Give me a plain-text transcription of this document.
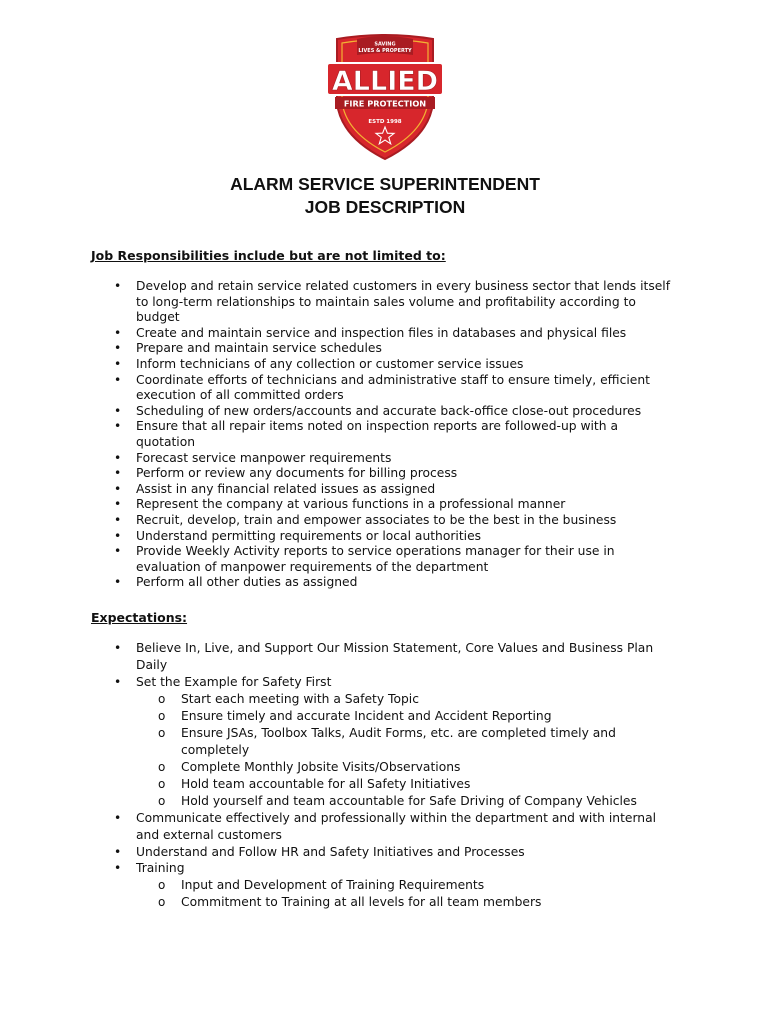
SAVING
LIVES & PROPERTY
ALLIED
FIRE PROTECTION
ESTD 1998
ALARM SERVICE SUPERINTENDENT
JOB DESCRIPTION
Job Responsibilities include but are not limited to:
• Develop and retain service related customers in every business sector that lends itself to long-term relationships to maintain sales volume and profitability according to budget
• Create and maintain service and inspection files in databases and physical files
• Prepare and maintain service schedules
• Inform technicians of any collection or customer service issues
• Coordinate efforts of technicians and administrative staff to ensure timely, efficient execution of all committed orders
• Scheduling of new orders/accounts and accurate back-office close-out procedures
• Ensure that all repair items noted on inspection reports are followed-up with a quotation
• Forecast service manpower requirements
• Perform or review any documents for billing process
• Assist in any financial related issues as assigned
• Represent the company at various functions in a professional manner
• Recruit, develop, train and empower associates to be the best in the business
• Understand permitting requirements or local authorities
• Provide Weekly Activity reports to service operations manager for their use in evaluation of manpower requirements of the department
• Perform all other duties as assigned
Expectations:
• Believe In, Live, and Support Our Mission Statement, Core Values and Business Plan Daily
• Set the Example for Safety First
o Start each meeting with a Safety Topic
o Ensure timely and accurate Incident and Accident Reporting
o Ensure JSAs, Toolbox Talks, Audit Forms, etc. are completed timely and completely
o Complete Monthly Jobsite Visits/Observations
o Hold team accountable for all Safety Initiatives
o Hold yourself and team accountable for Safe Driving of Company Vehicles
• Communicate effectively and professionally within the department and with internal and external customers
• Understand and Follow HR and Safety Initiatives and Processes
• Training
o Input and Development of Training Requirements
o Commitment to Training at all levels for all team members
